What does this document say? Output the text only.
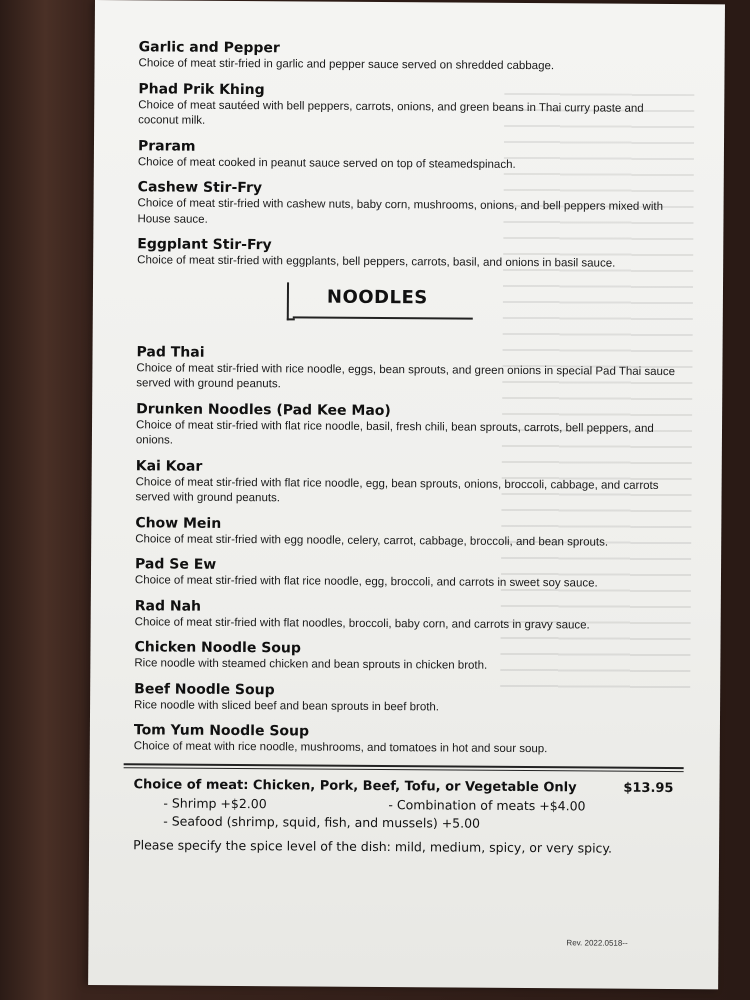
Garlic and Pepper
Choice of meat stir-fried in garlic and pepper sauce served on shredded cabbage.
Phad Prik Khing
Choice of meat sautéed with bell peppers, carrots, onions, and green beans in Thai curry paste and coconut milk.
Praram
Choice of meat cooked in peanut sauce served on top of steamedspinach.
Cashew Stir-Fry
Choice of meat stir-fried with cashew nuts, baby corn, mushrooms, onions, and bell peppers mixed with House sauce.
Eggplant Stir-Fry
Choice of meat stir-fried with eggplants, bell peppers, carrots, basil, and onions in basil sauce.
NOODLES
Pad Thai
Choice of meat stir-fried with rice noodle, eggs, bean sprouts, and green onions in special Pad Thai sauce served with ground peanuts.
Drunken Noodles (Pad Kee Mao)
Choice of meat stir-fried with flat rice noodle, basil, fresh chili, bean sprouts, carrots, bell peppers, and onions.
Kai Koar
Choice of meat stir-fried with flat rice noodle, egg, bean sprouts, onions, broccoli, cabbage, and carrots served with ground peanuts.
Chow Mein
Choice of meat stir-fried with egg noodle, celery, carrot, cabbage, broccoli, and bean sprouts.
Pad Se Ew
Choice of meat stir-fried with flat rice noodle, egg, broccoli, and carrots in sweet soy sauce.
Rad Nah
Choice of meat stir-fried with flat noodles, broccoli, baby corn, and carrots in gravy sauce.
Chicken Noodle Soup
Rice noodle with steamed chicken and bean sprouts in chicken broth.
Beef Noodle Soup
Rice noodle with sliced beef and bean sprouts in beef broth.
Tom Yum Noodle Soup
Choice of meat with rice noodle, mushrooms, and tomatoes in hot and sour soup.
Choice of meat: Chicken, Pork, Beef, Tofu, or Vegetable Only	$13.95
- Shrimp +$2.00	- Combination of meats +$4.00
- Seafood (shrimp, squid, fish, and mussels) +5.00
Please specify the spice level of the dish: mild, medium, spicy, or very spicy.
Rev. 2022.0518--
